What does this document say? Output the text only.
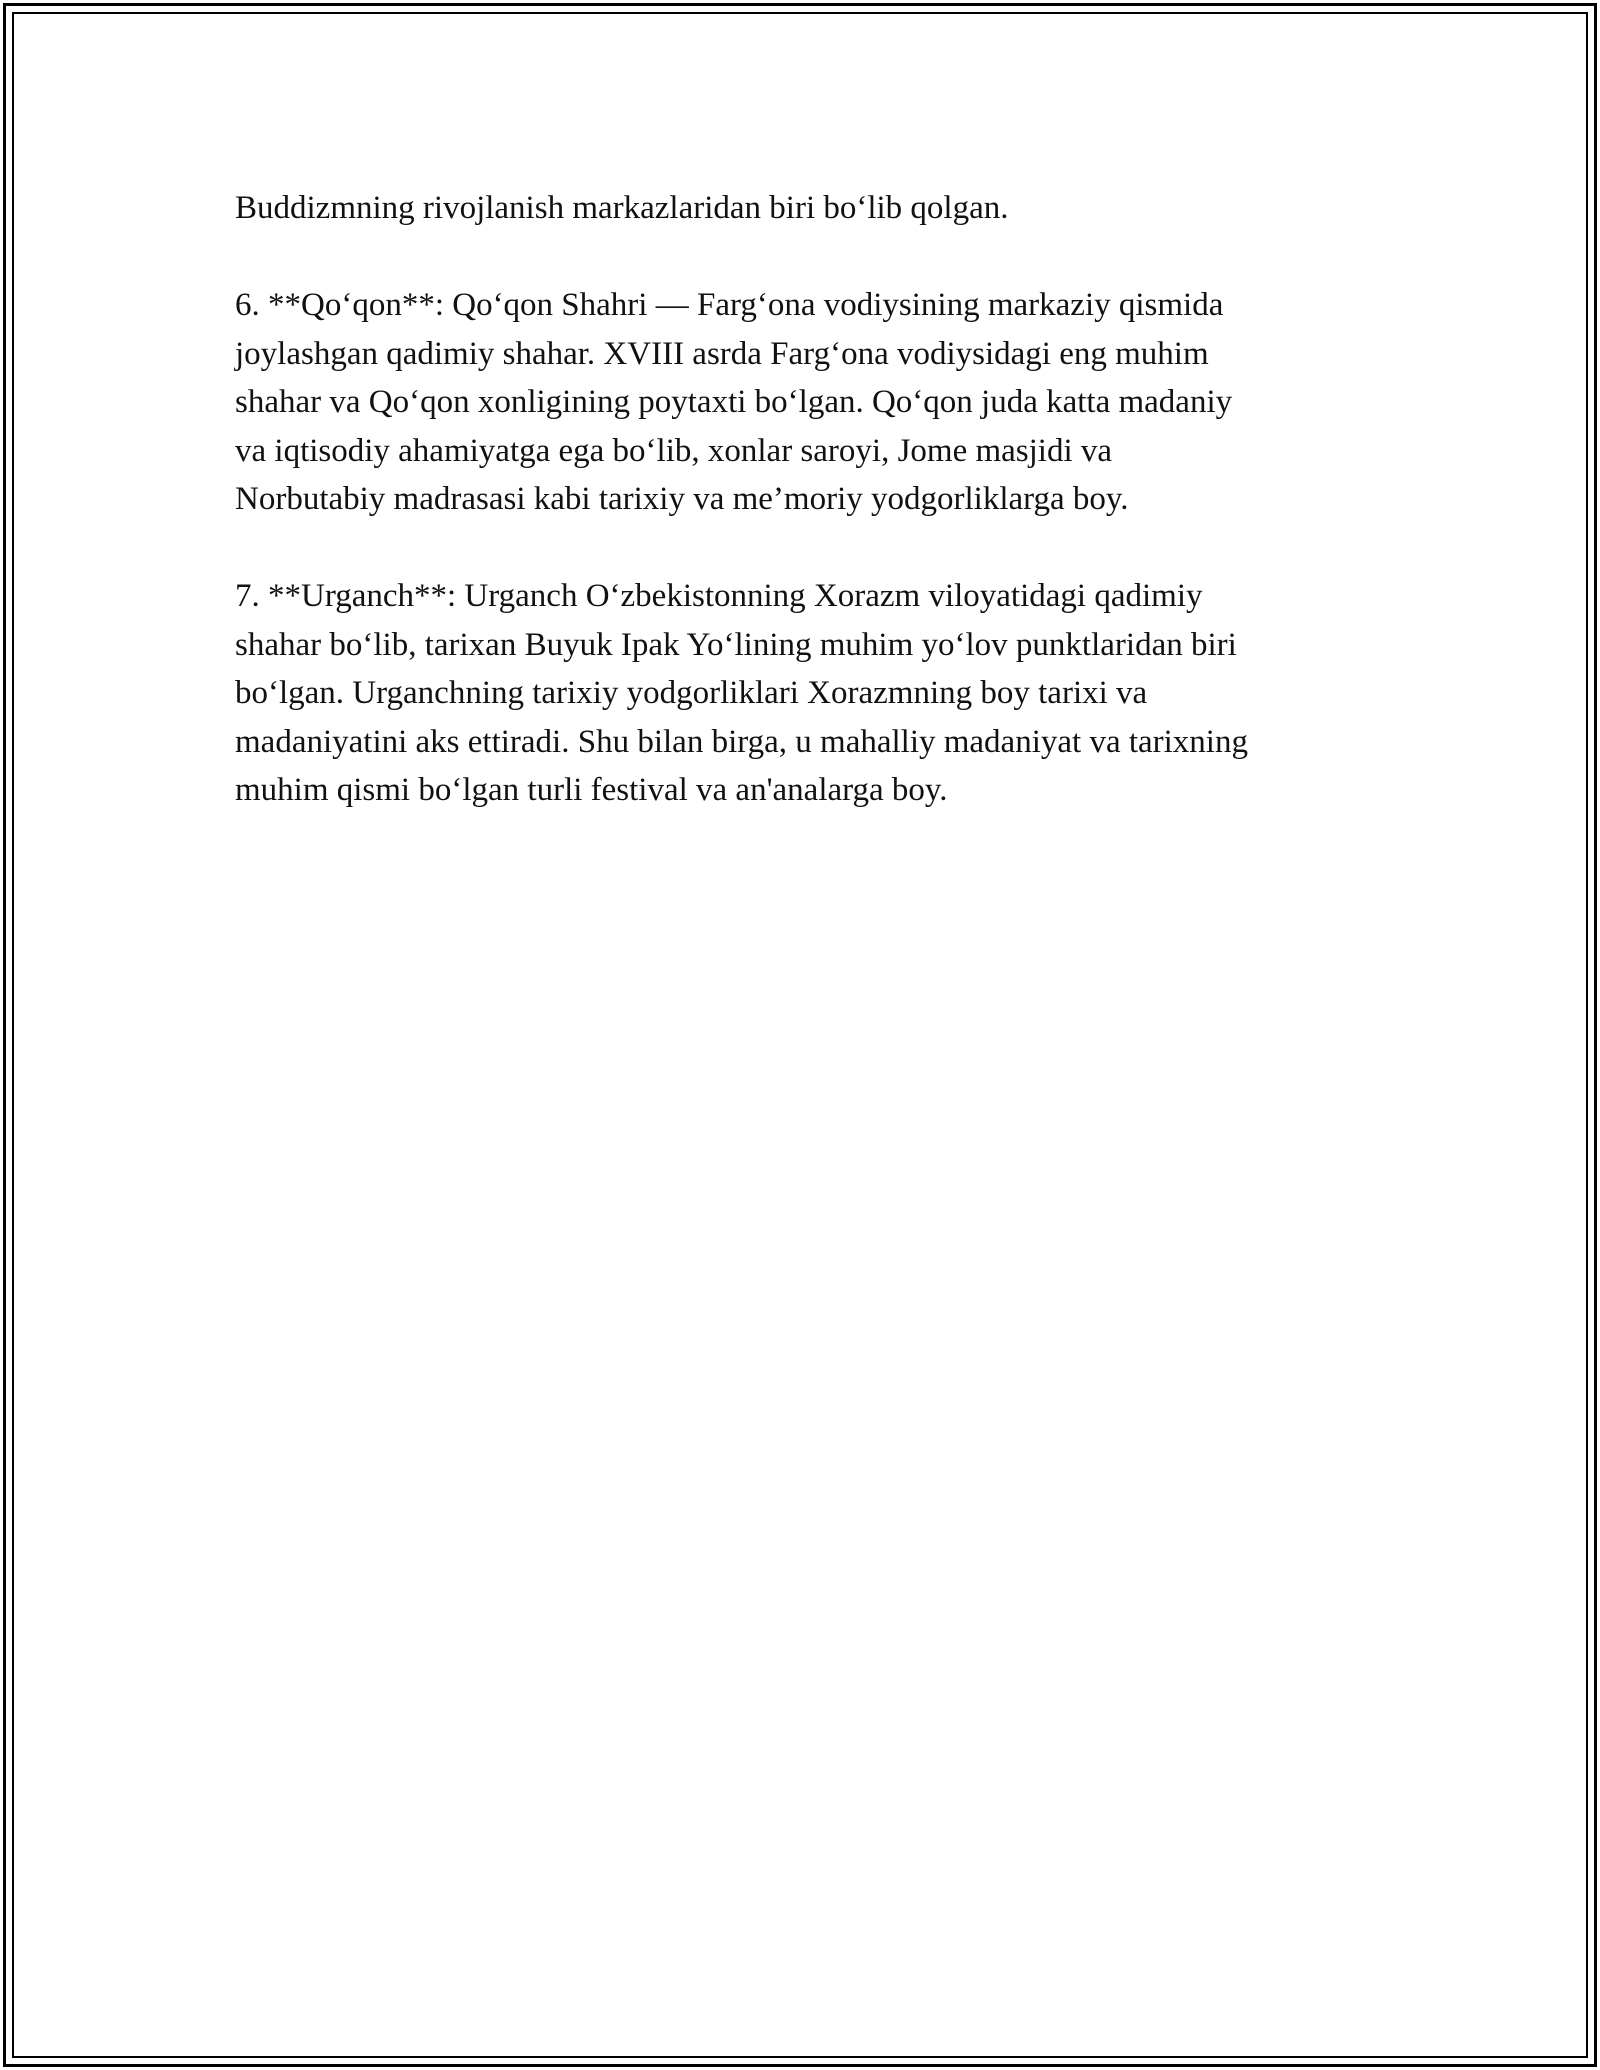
Buddizmning rivojlanish markazlaridan biri bo‘lib qolgan.

6. **Qo‘qon**: Qo‘qon Shahri — Farg‘ona vodiysining markaziy qismida
joylashgan qadimiy shahar. XVIII asrda Farg‘ona vodiysidagi eng muhim
shahar va Qo‘qon xonligining poytaxti bo‘lgan. Qo‘qon juda katta madaniy
va iqtisodiy ahamiyatga ega bo‘lib, xonlar saroyi, Jome masjidi va
Norbutabiy madrasasi kabi tarixiy va me’moriy yodgorliklarga boy.

7. **Urganch**: Urganch O‘zbekistonning Xorazm viloyatidagi qadimiy
shahar bo‘lib, tarixan Buyuk Ipak Yo‘lining muhim yo‘lov punktlaridan biri
bo‘lgan. Urganchning tarixiy yodgorliklari Xorazmning boy tarixi va
madaniyatini aks ettiradi. Shu bilan birga, u mahalliy madaniyat va tarixning
muhim qismi bo‘lgan turli festival va an'analarga boy.
